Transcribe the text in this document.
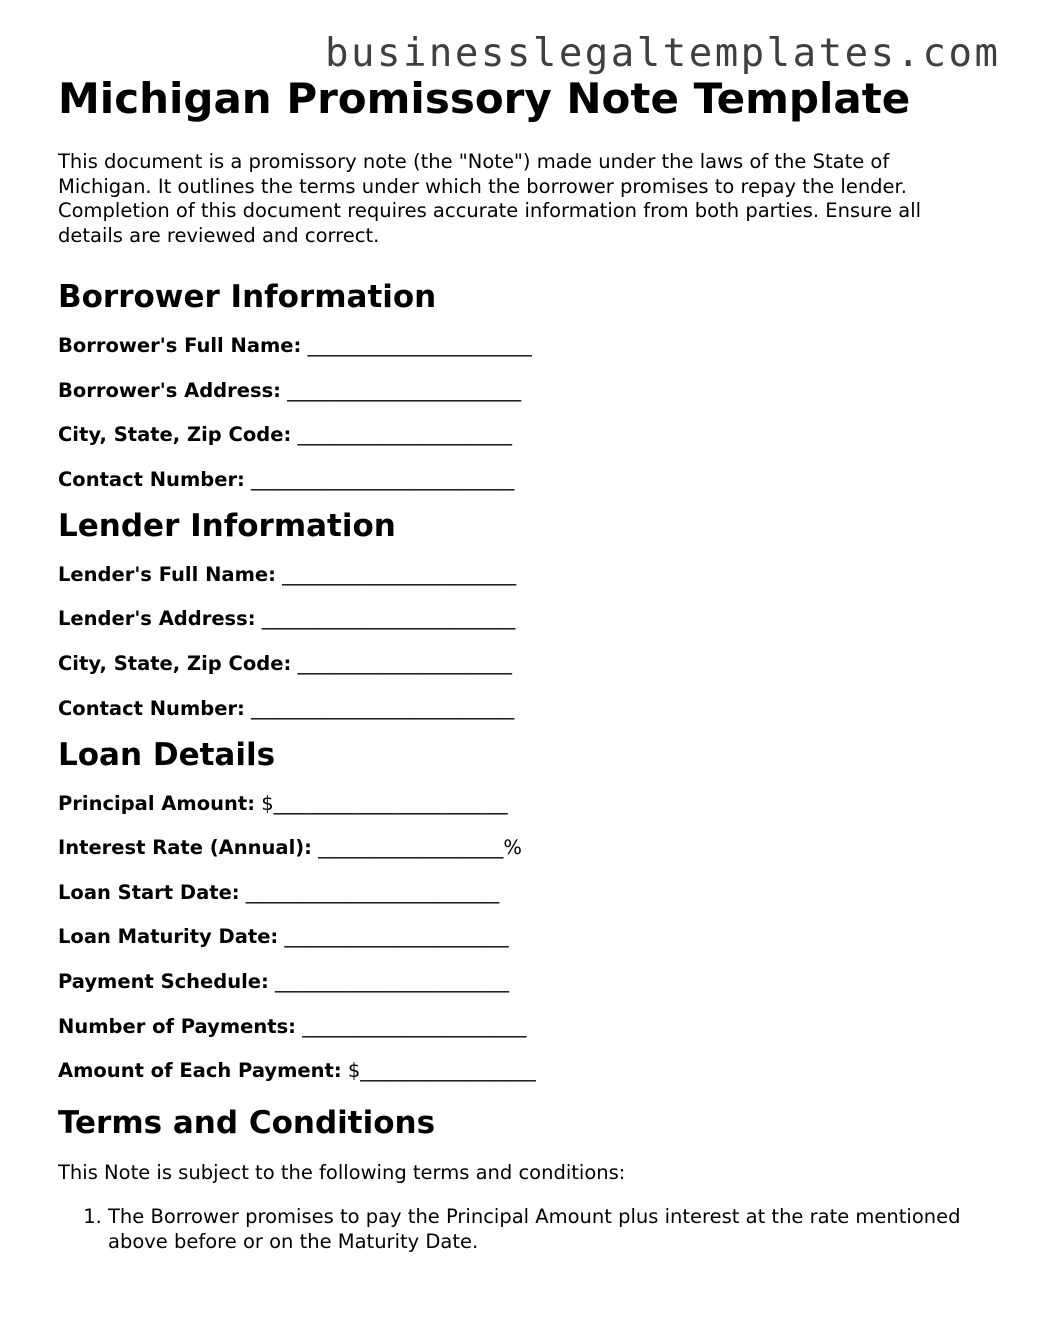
businesslegaltemplates.com
Michigan Promissory Note Template

This document is a promissory note (the "Note") made under the laws of the State of Michigan. It outlines the terms under which the borrower promises to repay the lender. Completion of this document requires accurate information from both parties. Ensure all details are reviewed and correct.

Borrower Information
Borrower's Full Name: _______________________
Borrower's Address: ________________________
City, State, Zip Code: ______________________
Contact Number: ___________________________
Lender Information
Lender's Full Name: ________________________
Lender's Address: __________________________
City, State, Zip Code: ______________________
Contact Number: ___________________________
Loan Details
Principal Amount: $________________________
Interest Rate (Annual): ___________________%
Loan Start Date: __________________________
Loan Maturity Date: _______________________
Payment Schedule: ________________________
Number of Payments: _______________________
Amount of Each Payment: $__________________
Terms and Conditions

This Note is subject to the following terms and conditions:

1. The Borrower promises to pay the Principal Amount plus interest at the rate mentioned above before or on the Maturity Date.
